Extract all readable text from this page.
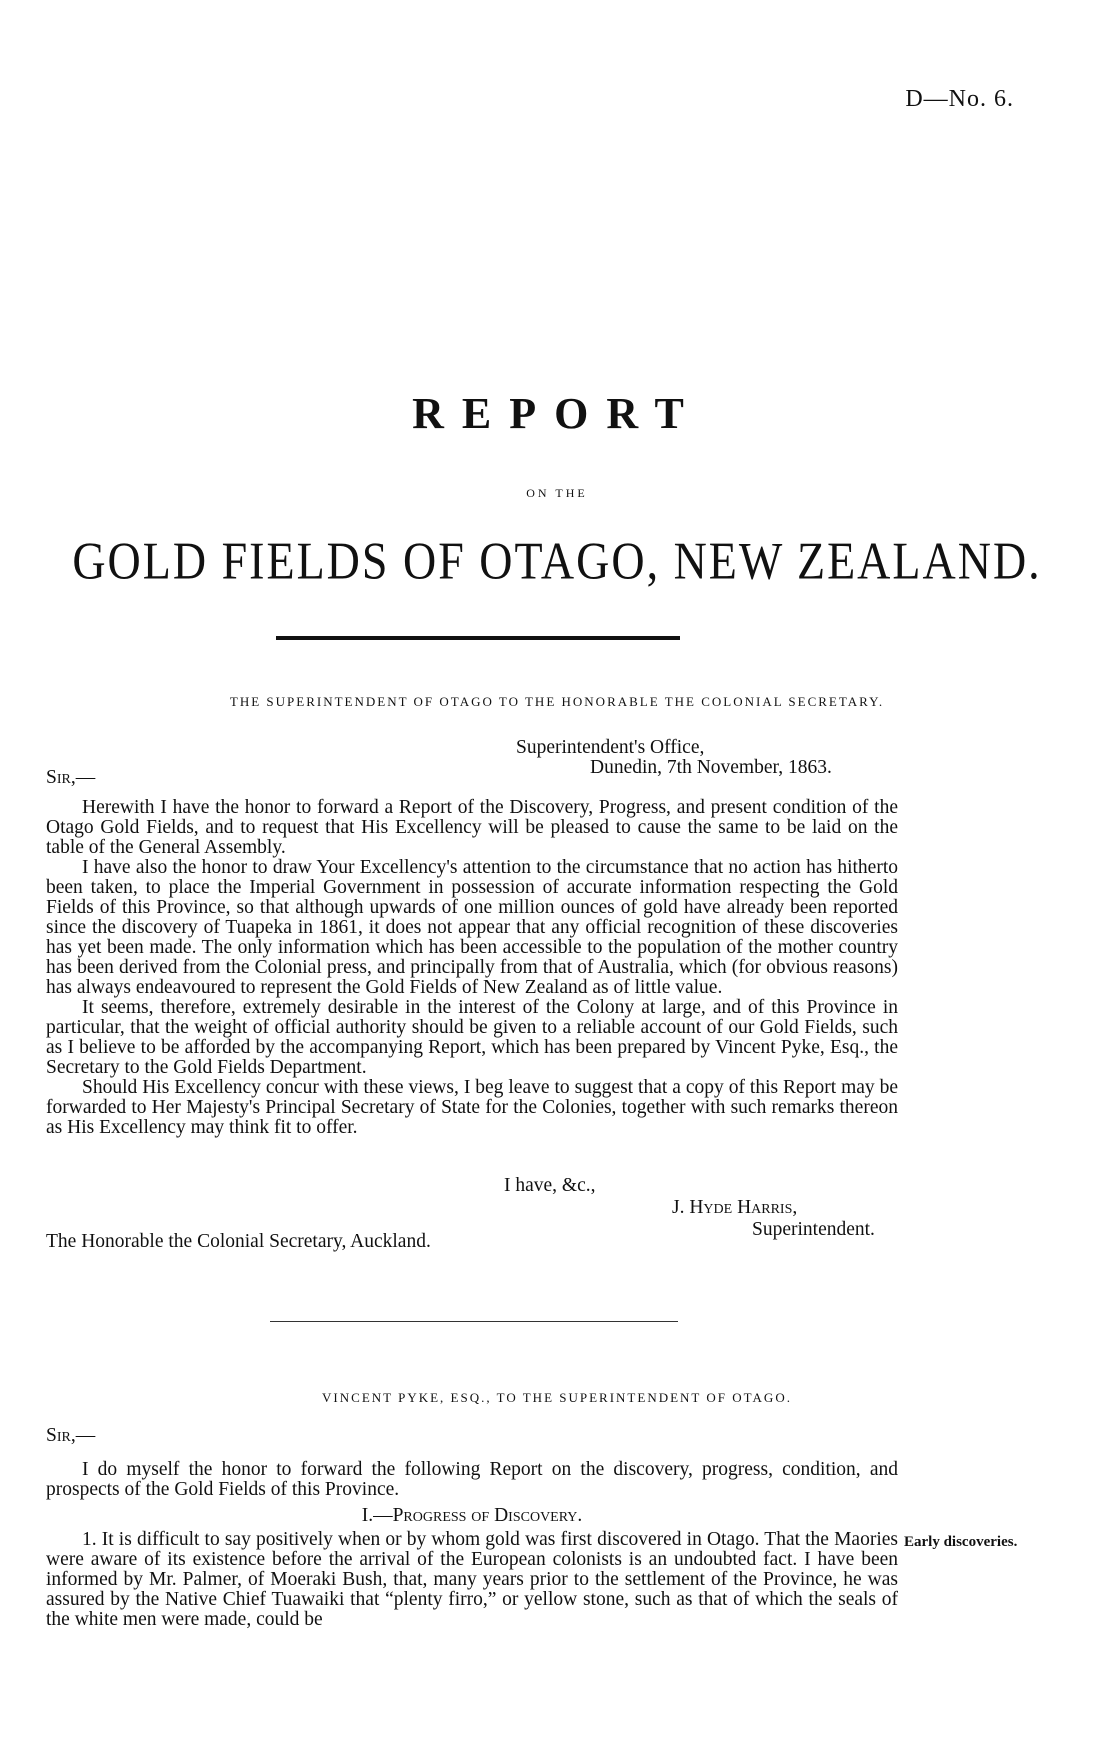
D—No. 6.
REPORT
ON THE
GOLD FIELDS OF OTAGO, NEW ZEALAND.
THE SUPERINTENDENT OF OTAGO TO THE HONORABLE THE COLONIAL SECRETARY.
Superintendent's Office,
Dunedin, 7th November, 1863.
Sir,—

Herewith I have the honor to forward a Report of the Discovery, Progress, and present condition of the Otago Gold Fields, and to request that His Excellency will be pleased to cause the same to be laid on the table of the General Assembly.

I have also the honor to draw Your Excellency's attention to the circumstance that no action has hitherto been taken, to place the Imperial Government in possession of accurate information respecting the Gold Fields of this Province, so that although upwards of one million ounces of gold have already been reported since the discovery of Tuapeka in 1861, it does not appear that any official recognition of these discoveries has yet been made. The only information which has been accessible to the population of the mother country has been derived from the Colonial press, and principally from that of Australia, which (for obvious reasons) has always endeavoured to represent the Gold Fields of New Zealand as of little value.

It seems, therefore, extremely desirable in the interest of the Colony at large, and of this Province in particular, that the weight of official authority should be given to a reliable account of our Gold Fields, such as I believe to be afforded by the accompanying Report, which has been prepared by Vincent Pyke, Esq., the Secretary to the Gold Fields Department.

Should His Excellency concur with these views, I beg leave to suggest that a copy of this Report may be forwarded to Her Majesty's Principal Secretary of State for the Colonies, together with such remarks thereon as His Excellency may think fit to offer.

I have, &c.,
J. Hyde Harris,
Superintendent.
The Honorable the Colonial Secretary, Auckland.
VINCENT PYKE, ESQ., TO THE SUPERINTENDENT OF OTAGO.
Sir,—

I do myself the honor to forward the following Report on the discovery, progress, condition, and prospects of the Gold Fields of this Province.

I.—Progress of Discovery.

1. It is difficult to say positively when or by whom gold was first discovered in Otago. That the Maories were aware of its existence before the arrival of the European colonists is an undoubted fact. I have been informed by Mr. Palmer, of Moeraki Bush, that, many years prior to the settlement of the Province, he was assured by the Native Chief Tuawaiki that “plenty firro,” or yellow stone, such as that of which the seals of the white men were made, could be

Early discoveries.
